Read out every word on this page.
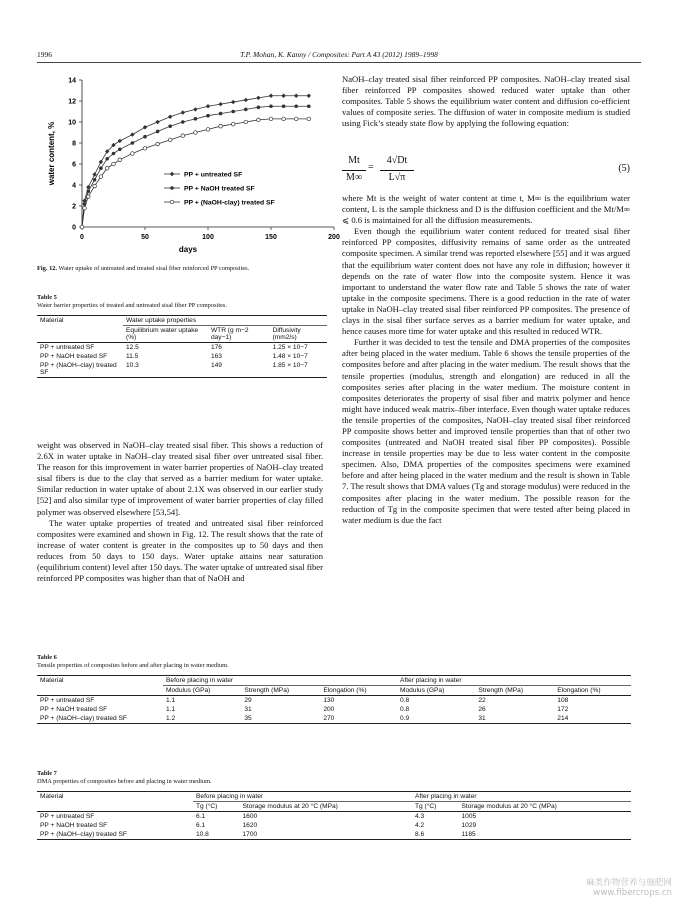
1996	T.P. Mohan, K. Kanny / Composites: Part A 43 (2012) 1989–1998
0
2
4
6
8
10
12
14
0	50	100	150	200
days
water content, %	PP + untreated SF
PP + NaOH treated SF
PP + (NaOH-clay) treated SF
Fig. 12. Water uptake of untreated and treated sisal fiber reinforced PP composites.
Table 5
Water barrier properties of treated and untreated sisal fiber PP composites.
Material	Water uptake properties		
	Equilibrium water uptake (%)	WTR (g m−2 day−1)	Diffusivity (mm2/s)
PP + untreated SF	12.5	176	1.25 × 10−7
PP + NaOH treated SF	11.5	163	1.48 × 10−7
PP + (NaOH–clay) treated SF	10.3	149	1.85 × 10−7

weight was observed in NaOH–clay treated sisal fiber. This shows a reduction of 2.6X in water uptake in NaOH–clay treated sisal fiber over untreated sisal fiber. The reason for this improvement in water barrier properties of NaOH–clay treated sisal fibers is due to the clay that served as a barrier medium for water uptake. Similar reduction in water uptake of about 2.1X was observed in our earlier study [52] and also similar type of improvement of water barrier properties of clay filled polymer was observed elsewhere [53,54].

The water uptake properties of treated and untreated sisal fiber reinforced composites were examined and shown in Fig. 12. The result shows that the rate of increase of water content is greater in the composites up to 50 days and then reduces from 50 days to 150 days. Water uptake attains near saturation (equilibrium content) level after 150 days. The water uptake of untreated sisal fiber reinforced PP composites was higher than that of NaOH and

NaOH–clay treated sisal fiber reinforced PP composites. NaOH–clay treated sisal fiber reinforced PP composites showed reduced water uptake than other composites. Table 5 shows the equilibrium water content and diffusion co-efficient values of composite series. The diffusion of water in composite medium is studied using Fick’s steady state flow by applying the following equation:

Mt
M∞
=
4√Dt
L√π
(5)

where Mt is the weight of water content at time t, M∞ is the equilibrium water content, L is the sample thickness and D is the diffusion coefficient and the Mt/M∞ ⩽ 0.6 is maintained for all the diffusion measurements.

Even though the equilibrium water content reduced for treated sisal fiber reinforced PP composites, diffusivity remains of same order as the untreated composite specimen. A similar trend was reported elsewhere [55] and it was argued that the equilibrium water content does not have any role in diffusion; however it depends on the rate of water flow into the composite system. Hence it was important to understand the water flow rate and Table 5 shows the rate of water uptake in the composite specimens. There is a good reduction in the rate of water uptake in NaOH–clay treated sisal fiber reinforced PP composites. The presence of clays in the sisal fiber surface serves as a barrier medium for water uptake, and hence causes more time for water uptake and this resulted in reduced WTR.

Further it was decided to test the tensile and DMA properties of the composites after being placed in the water medium. Table 6 shows the tensile properties of the composites before and after placing in the water medium. The result shows that the tensile properties (modulus, strength and elongation) are reduced in all the composites series after placing in the water medium. The moisture content in composites deteriorates the property of sisal fiber and matrix polymer and hence might have induced weak matrix–fiber interface. Even though water uptake reduces the tensile properties of the composites, NaOH–clay treated sisal fiber reinforced PP composite shows better and improved tensile properties than that of other two composites (untreated and NaOH treated sisal fiber PP composites). Possible increase in tensile properties may be due to less water content in the composite specimen. Also, DMA properties of the composites specimens were examined before and after being placed in the water medium and the result is shown in Table 7. The result shows that DMA values (Tg and storage modulus) were reduced in the composites after placing in the water medium. The possible reason for the reduction of Tg in the composite specimen that were tested after being placed in water medium is due the fact

Table 6
Tensile properties of composites before and after placing in water medium.
Material	Before placing in water			After placing in water		
	Modulus (GPa)	Strength (MPa)	Elongation (%)	Modulus (GPa)	Strength (MPa)	Elongation (%)
PP + untreated SF	1.1	29	130	0.8	22	108
PP + NaOH treated SF	1.1	31	200	0.8	26	172
PP + (NaOH–clay) treated SF	1.2	35	270	0.9	31	214
Table 7
DMA properties of composites before and placing in water medium.
Material	Before placing in water		After placing in water	
	Tg (°C)	Storage modulus at 20 °C (MPa)	Tg (°C)	Storage modulus at 20 °C (MPa)
PP + untreated SF	6.1	1600	4.3	1005
PP + NaOH treated SF	6.1	1620	4.2	1029
PP + (NaOH–clay) treated SF	10.8	1700	8.6	1185
麻类作物营养与施肥网
www.fibercrops.cn
